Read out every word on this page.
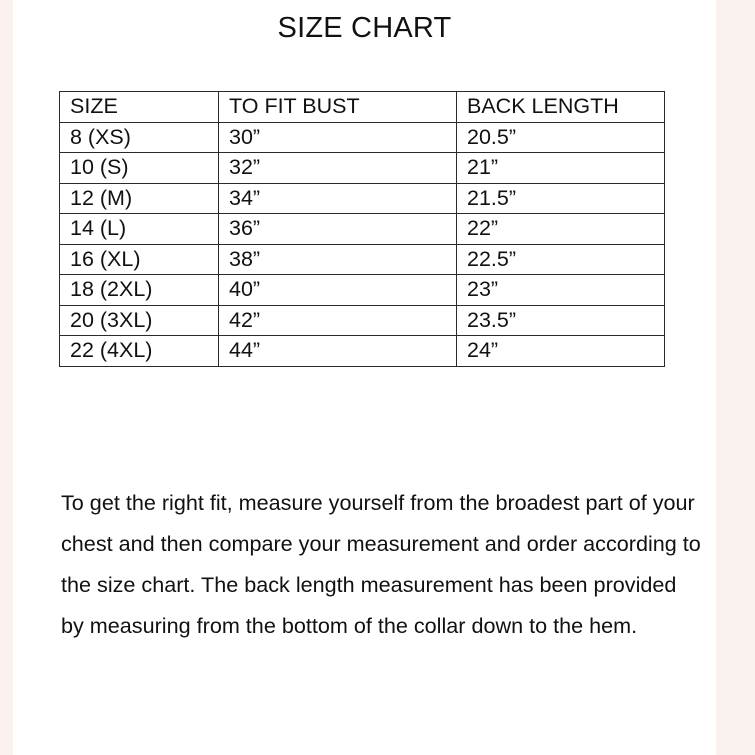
SIZE CHART
SIZE	TO FIT BUST	BACK LENGTH
8 (XS)	30”	20.5”
10 (S)	32”	21”
12 (M)	34”	21.5”
14 (L)	36”	22”
16 (XL)	38”	22.5”
18 (2XL)	40”	23”
20 (3XL)	42”	23.5”
22 (4XL)	44”	24”

To get the right fit, measure yourself from the broadest part of your chest and then compare your measurement and order according to the size chart. The back length measurement has been provided by measuring from the bottom of the collar down to the hem.
